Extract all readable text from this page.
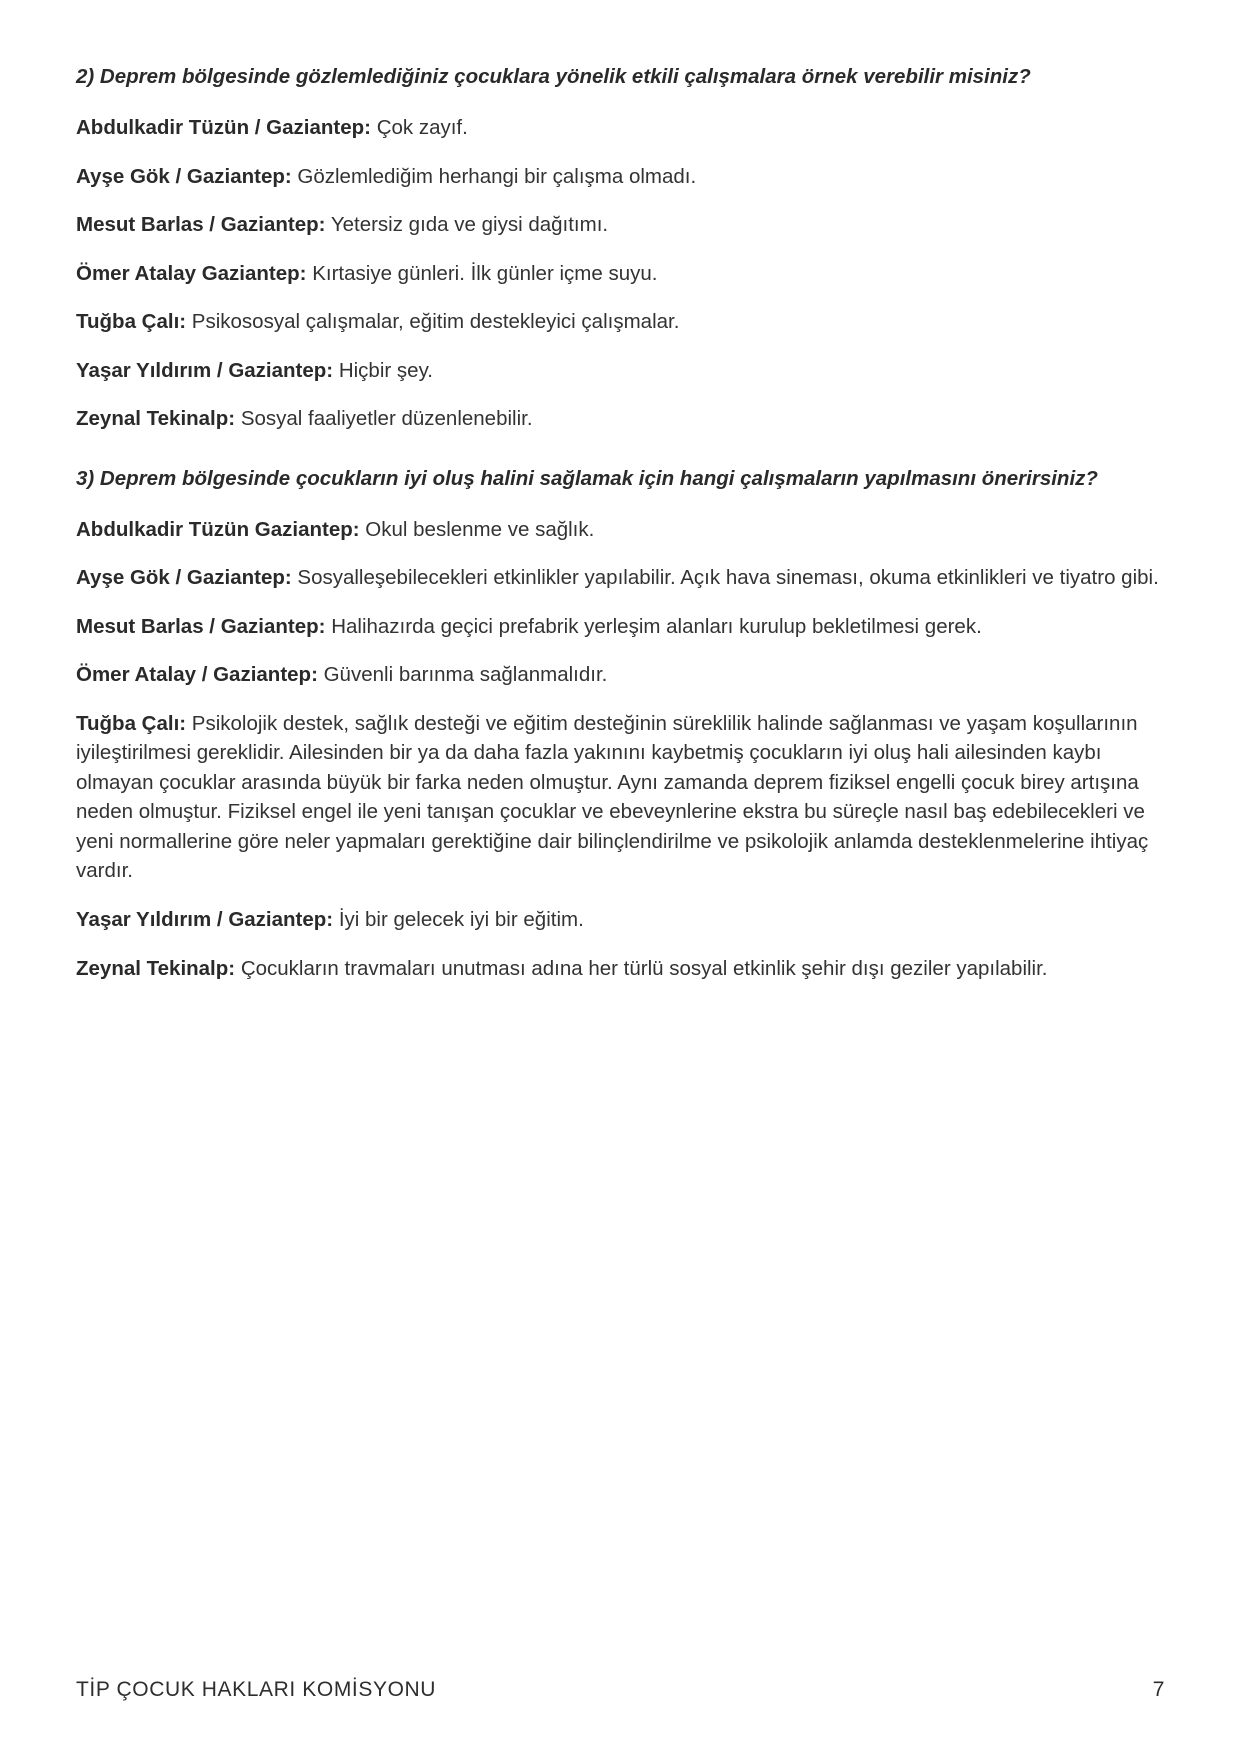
2) Deprem bölgesinde gözlemlediğiniz çocuklara yönelik etkili çalışmalara örnek verebilir misiniz?

Abdulkadir Tüzün / Gaziantep: Çok zayıf.

Ayşe Gök / Gaziantep: Gözlemlediğim herhangi bir çalışma olmadı.

Mesut Barlas / Gaziantep: Yetersiz gıda ve giysi dağıtımı.

Ömer Atalay Gaziantep: Kırtasiye günleri. İlk günler içme suyu.

Tuğba Çalı: Psikososyal çalışmalar, eğitim destekleyici çalışmalar.

Yaşar Yıldırım / Gaziantep: Hiçbir şey.

Zeynal Tekinalp: Sosyal faaliyetler düzenlenebilir.

3) Deprem bölgesinde çocukların iyi oluş halini sağlamak için hangi çalışmaların yapılmasını önerirsiniz?

Abdulkadir Tüzün Gaziantep: Okul beslenme ve sağlık.

Ayşe Gök / Gaziantep: Sosyalleşebilecekleri etkinlikler yapılabilir. Açık hava sineması, okuma etkinlikleri ve tiyatro gibi.

Mesut Barlas / Gaziantep: Halihazırda geçici prefabrik yerleşim alanları kurulup bekletilmesi gerek.

Ömer Atalay / Gaziantep: Güvenli barınma sağlanmalıdır.

Tuğba Çalı: Psikolojik destek, sağlık desteği ve eğitim desteğinin süreklilik halinde sağlanması ve yaşam koşullarının iyileştirilmesi gereklidir. Ailesinden bir ya da daha fazla yakınını kaybetmiş çocukların iyi oluş hali ailesinden kaybı olmayan çocuklar arasında büyük bir farka neden olmuştur. Aynı zamanda deprem fiziksel engelli çocuk birey artışına neden olmuştur. Fiziksel engel ile yeni tanışan çocuklar ve ebeveynlerine ekstra bu süreçle nasıl baş edebilecekleri ve yeni normallerine göre neler yapmaları gerektiğine dair bilinçlendirilme ve psikolojik anlamda desteklenmelerine ihtiyaç vardır.

Yaşar Yıldırım / Gaziantep: İyi bir gelecek iyi bir eğitim.

Zeynal Tekinalp: Çocukların travmaları unutması adına her türlü sosyal etkinlik şehir dışı geziler yapılabilir.

TİP ÇOCUK HAKLARI KOMİSYONU	7
